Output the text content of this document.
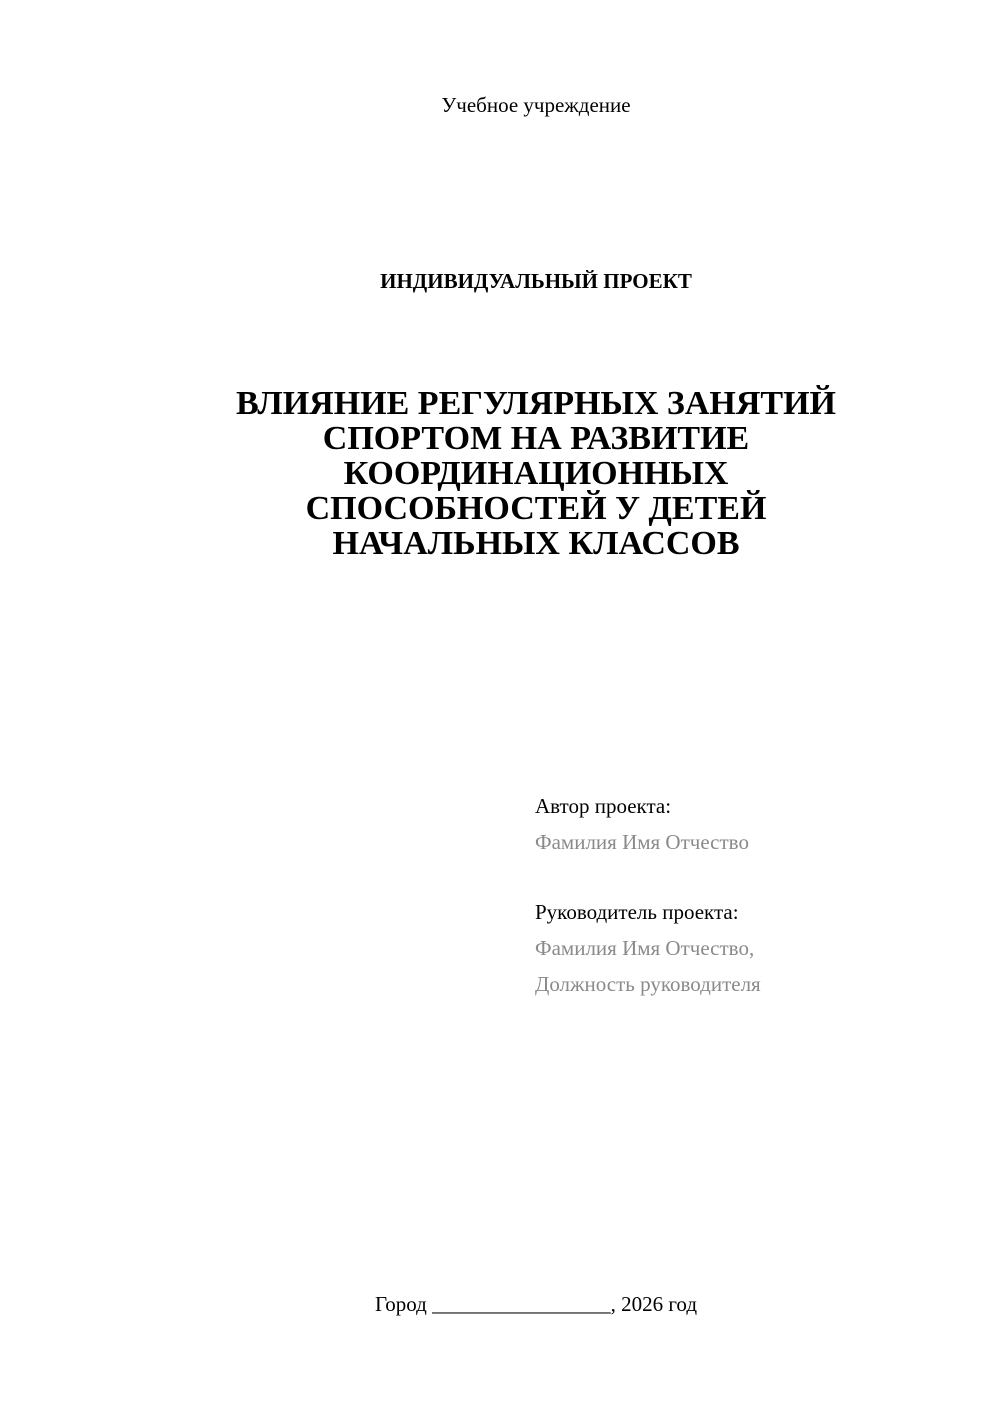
Учебное учреждение
ИНДИВИДУАЛЬНЫЙ ПРОЕКТ
ВЛИЯНИЕ РЕГУЛЯРНЫХ ЗАНЯТИЙ
СПОРТОМ НА РАЗВИТИЕ
КООРДИНАЦИОННЫХ
СПОСОБНОСТЕЙ У ДЕТЕЙ
НАЧАЛЬНЫХ КЛАССОВ
Автор проекта:
Фамилия Имя Отчество
Руководитель проекта:
Фамилия Имя Отчество,
Должность руководителя
Город _________________, 2026 год
